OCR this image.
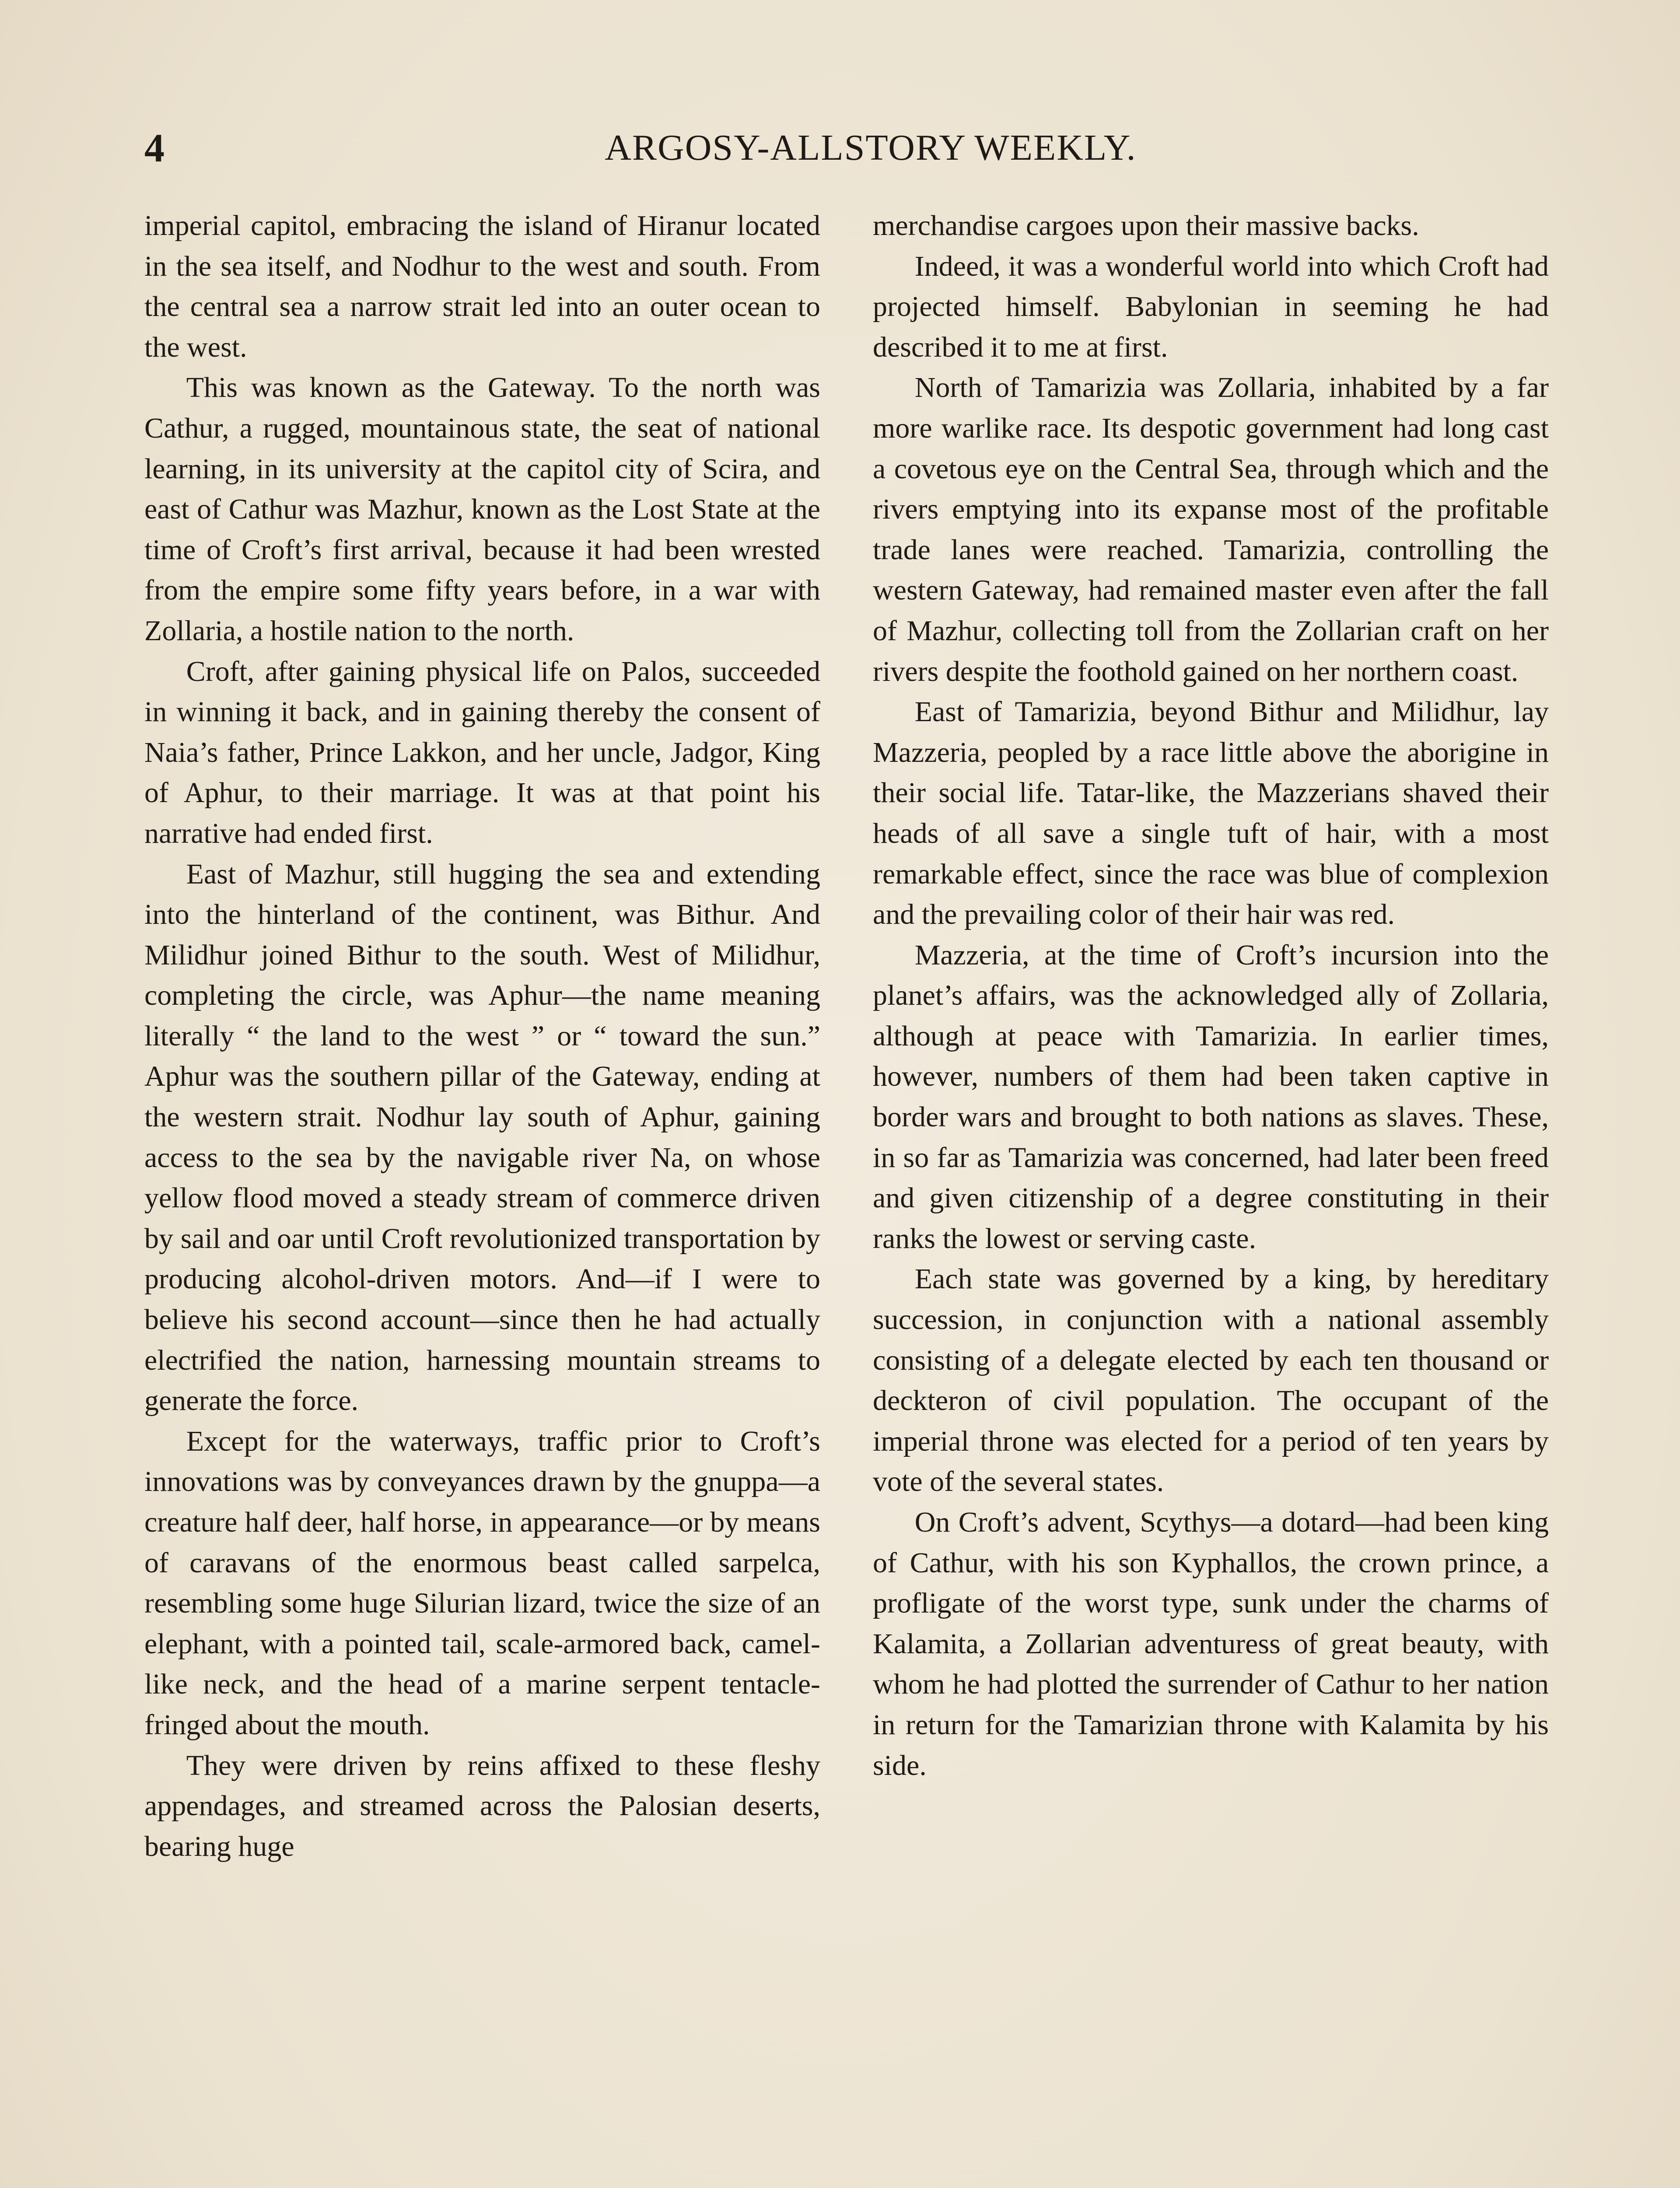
4	ARGOSY-ALLSTORY WEEKLY.

imperial capitol, embracing the island of Hiranur located in the sea itself, and Nodhur to the west and south. From the central sea a narrow strait led into an outer ocean to the west.

This was known as the Gateway. To the north was Cathur, a rugged, mountainous state, the seat of national learning, in its university at the capitol city of Scira, and east of Cathur was Mazhur, known as the Lost State at the time of Croft’s first arrival, because it had been wrested from the empire some fifty years before, in a war with Zollaria, a hostile nation to the north.

Croft, after gaining physical life on Palos, succeeded in winning it back, and in gaining thereby the consent of Naia’s father, Prince Lakkon, and her uncle, Jadgor, King of Aphur, to their marriage. It was at that point his narrative had ended first.

East of Mazhur, still hugging the sea and extending into the hinterland of the continent, was Bithur. And Milidhur joined Bithur to the south. West of Milidhur, completing the circle, was Aphur—the name meaning literally “ the land to the west ” or “ toward the sun.” Aphur was the southern pillar of the Gateway, ending at the western strait. Nodhur lay south of Aphur, gaining access to the sea by the navigable river Na, on whose yellow flood moved a steady stream of commerce driven by sail and oar until Croft revolutionized transportation by producing alcohol-driven motors. And—if I were to believe his second account—since then he had actually electrified the nation, harnessing mountain streams to generate the force.

Except for the waterways, traffic prior to Croft’s innovations was by conveyances drawn by the gnuppa—a creature half deer, half horse, in appearance—or by means of caravans of the enormous beast called sarpelca, resembling some huge Silurian lizard, twice the size of an elephant, with a pointed tail, scale-armored back, camel-like neck, and the head of a marine serpent tentacle-fringed about the mouth.

They were driven by reins affixed to these fleshy appendages, and streamed across the Palosian deserts, bearing huge

merchandise cargoes upon their massive backs.

Indeed, it was a wonderful world into which Croft had projected himself. Babylonian in seeming he had described it to me at first.

North of Tamarizia was Zollaria, inhabited by a far more warlike race. Its despotic government had long cast a covetous eye on the Central Sea, through which and the rivers emptying into its expanse most of the profitable trade lanes were reached. Tamarizia, controlling the western Gateway, had remained master even after the fall of Mazhur, collecting toll from the Zollarian craft on her rivers despite the foothold gained on her northern coast.

East of Tamarizia, beyond Bithur and Milidhur, lay Mazzeria, peopled by a race little above the aborigine in their social life. Tatar-like, the Mazzerians shaved their heads of all save a single tuft of hair, with a most remarkable effect, since the race was blue of complexion and the prevailing color of their hair was red.

Mazzeria, at the time of Croft’s incursion into the planet’s affairs, was the acknowledged ally of Zollaria, although at peace with Tamarizia. In earlier times, however, numbers of them had been taken captive in border wars and brought to both nations as slaves. These, in so far as Tamarizia was concerned, had later been freed and given citizenship of a degree constituting in their ranks the lowest or serving caste.

Each state was governed by a king, by hereditary succession, in conjunction with a national assembly consisting of a delegate elected by each ten thousand or deckteron of civil population. The occupant of the imperial throne was elected for a period of ten years by vote of the several states.

On Croft’s advent, Scythys—a dotard—had been king of Cathur, with his son Kyphallos, the crown prince, a profligate of the worst type, sunk under the charms of Kalamita, a Zollarian adventuress of great beauty, with whom he had plotted the surrender of Cathur to her nation in return for the Tamarizian throne with Kalamita by his side.
